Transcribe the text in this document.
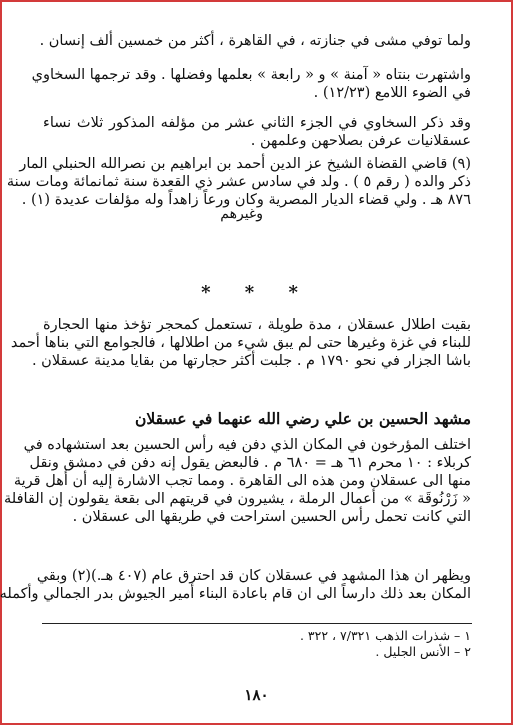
ولما توفي مشى في جنازته ، في القاهرة ، أكثر من خمسين ألف إنسان .
واشتهرت بنتاه « آمنة » و « رابعة » بعلمها وفضلها . وقد ترجمها السخاوي
في الضوء اللامع (١٢/٢٣) .
وقد ذكر السخاوي في الجزء الثاني عشر من مؤلفه المذكور ثلاث نساء
عسقلانيات عرفن بصلاحهن وعلمهن .
(٩) قاضي القضاة الشيخ عز الدين أحمد بن ابراهيم بن نصرالله الحنبلي المار
ذكر والده ( رقم ٥ ) . ولد في سادس عشر ذي القعدة سنة ثمانمائة ومات سنة
٨٧٦ هـ . ولي قضاء الديار المصرية وكان ورعاً زاهداً وله مؤلفات عديدة (١) .
وغيرهم
* * *
بقيت اطلال عسقلان ، مدة طويلة ، تستعمل كمحجر تؤخذ منها الحجارة
للبناء في غزة وغيرها حتى لم يبق شيء من اطلالها ، فالجوامع التي بناها أحمد
باشا الجزار في نحو ١٧٩٠ م . جلبت أكثر حجارتها من بقايا مدينة عسقلان .
مشهد الحسين بن علي رضي الله عنهما في عسقلان
اختلف المؤرخون في المكان الذي دفن فيه رأس الحسين بعد استشهاده في
كربلاء : ١٠ محرم ٦١ هـ = ٦٨٠ م . فالبعض يقول إنه دفن في دمشق ونقل
منها الى عسقلان ومن هذه الى القاهرة . ومما تجب الاشارة إليه أن أهل قرية
« زَرْنُوقَة » من أعمال الرملة ، يشيرون في قريتهم الى بقعة يقولون إن القافلة
التي كانت تحمل رأس الحسين استراحت في طريقها الى عسقلان .
ويظهر ان هذا المشهد في عسقلان كان قد احترق عام (٤٠٧ هـ.)(٢) وبقي
المكان بعد ذلك دارساً الى ان قام باعادة البناء أمير الجيوش بدر الجمالي وأكمله
١ – شذرات الذهب ٧/٣٢١ ، ٣٢٢ .
٢ – الأنس الجليل .
١٨٠
